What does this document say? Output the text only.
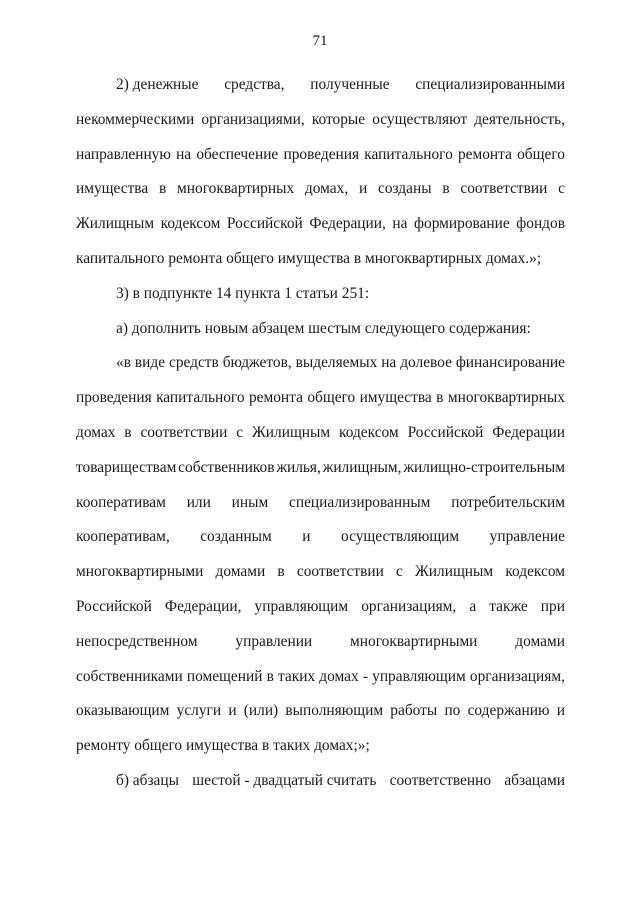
71
2) денежные средства, полученные специализированными
некоммерческими организациями, которые осуществляют деятельность,
направленную на обеспечение проведения капитального ремонта общего
имущества в многоквартирных домах, и созданы в соответствии с
Жилищным кодексом Российской Федерации, на формирование фондов
капитального ремонта общего имущества в многоквартирных домах.»;
3) в подпункте 14 пункта 1 статьи 251:
а) дополнить новым абзацем шестым следующего содержания:
«в виде средств бюджетов, выделяемых на долевое финансирование
проведения капитального ремонта общего имущества в многоквартирных
домах в соответствии с Жилищным кодексом Российской Федерации
товариществам собственников жилья, жилищным, жилищно-строительным
кооперативам или иным специализированным потребительским
кооперативам, созданным и осуществляющим управление
многоквартирными домами в соответствии с Жилищным кодексом
Российской Федерации, управляющим организациям, а также при
непосредственном управлении многоквартирными домами
собственниками помещений в таких домах - управляющим организациям,
оказывающим услуги и (или) выполняющим работы по содержанию и
ремонту общего имущества в таких домах;»;
б) абзацы шестой - двадцатый считать соответственно абзацами
